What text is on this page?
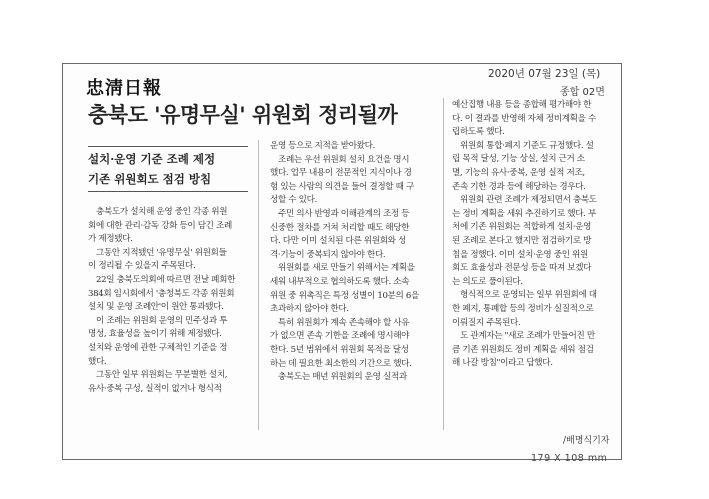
2020년 07월 23일 (목)
종합 02면
忠淸日報
충북도 '유명무실' 위원회 정리될까
설치·운영 기준 조례 제정
기존 위원회도 점검 방침

충북도가 설치해 운영 중인 각종 위원

회에 대한 관리·감독 강화 등이 담긴 조례

가 제정됐다.

그동안 지적됐던 '유명무실' 위원회들

이 정리될 수 있을지 주목된다.

22일 충북도의회에 따르면 전날 폐회한

384회 임시회에서 '충청북도 각종 위원회

설치 및 운영 조례안'이 원안 통과됐다.

이 조례는 위원회 운영의 민주성과 투

명성, 효율성을 높이기 위해 제정됐다.

설치와 운영에 관한 구체적인 기준을 정

했다.

그동안 일부 위원회는 무분별한 설치,

유사·중복 구성, 실적이 없거나 형식적

운영 등으로 지적을 받아왔다.

조례는 우선 위원회 설치 요건을 명시

했다. 업무 내용이 전문적인 지식이나 경

험 있는 사람의 의견을 들어 결정할 때 구

성할 수 있다.

주민 의사 반영과 이해관계의 조정 등

신중한 절차를 거쳐 처리할 때도 해당한

다. 다만 이미 설치된 다른 위원회와 성

격·기능이 중복되지 않아야 한다.

위원회를 새로 만들기 위해서는 계획을

세워 내부적으로 협의하도록 했다. 소속

위원 중 위촉직은 특정 성별이 10분의 6을

초과하지 않아야 한다.

특히 위원회가 계속 존속해야 할 사유

가 없으면 존속 기한을 조례에 명시해야

한다. 5년 범위에서 위원회 목적을 달성

하는 데 필요한 최소한의 기간으로 했다.

충북도는 매년 위원회의 운영 실적과

예산집행 내용 등을 종합해 평가해야 한

다. 이 결과를 반영해 자체 정비계획을 수

립하도록 했다.

위원회 통합·폐지 기준도 규정했다. 설

립 목적 달성, 기능 상실, 설치 근거 소

멸, 기능의 유사·중복, 운영 실적 저조,

존속 기한 경과 등에 해당하는 경우다.

위원회 관련 조례가 제정되면서 충북도

는 정비 계획을 세워 추진하기로 했다. 부

처에 기존 위원회는 적합하게 설치·운영

된 조례로 본다고 했지만 점검하기로 방

침을 정했다. 이미 설치·운영 중인 위원

회도 효율성과 전문성 등을 따져 보겠다

는 의도로 풀이된다.

형식적으로 운영되는 일부 위원회에 대

한 폐지, 통폐합 등의 정비가 실질적으로

이뤄질지 주목된다.

도 관계자는 "새로 조례가 만들어진 만

큼 기존 위원회도 정비 계획을 세워 점검

해 나갈 방침"이라고 답했다.

/배명식기자
179 X 108 mm
